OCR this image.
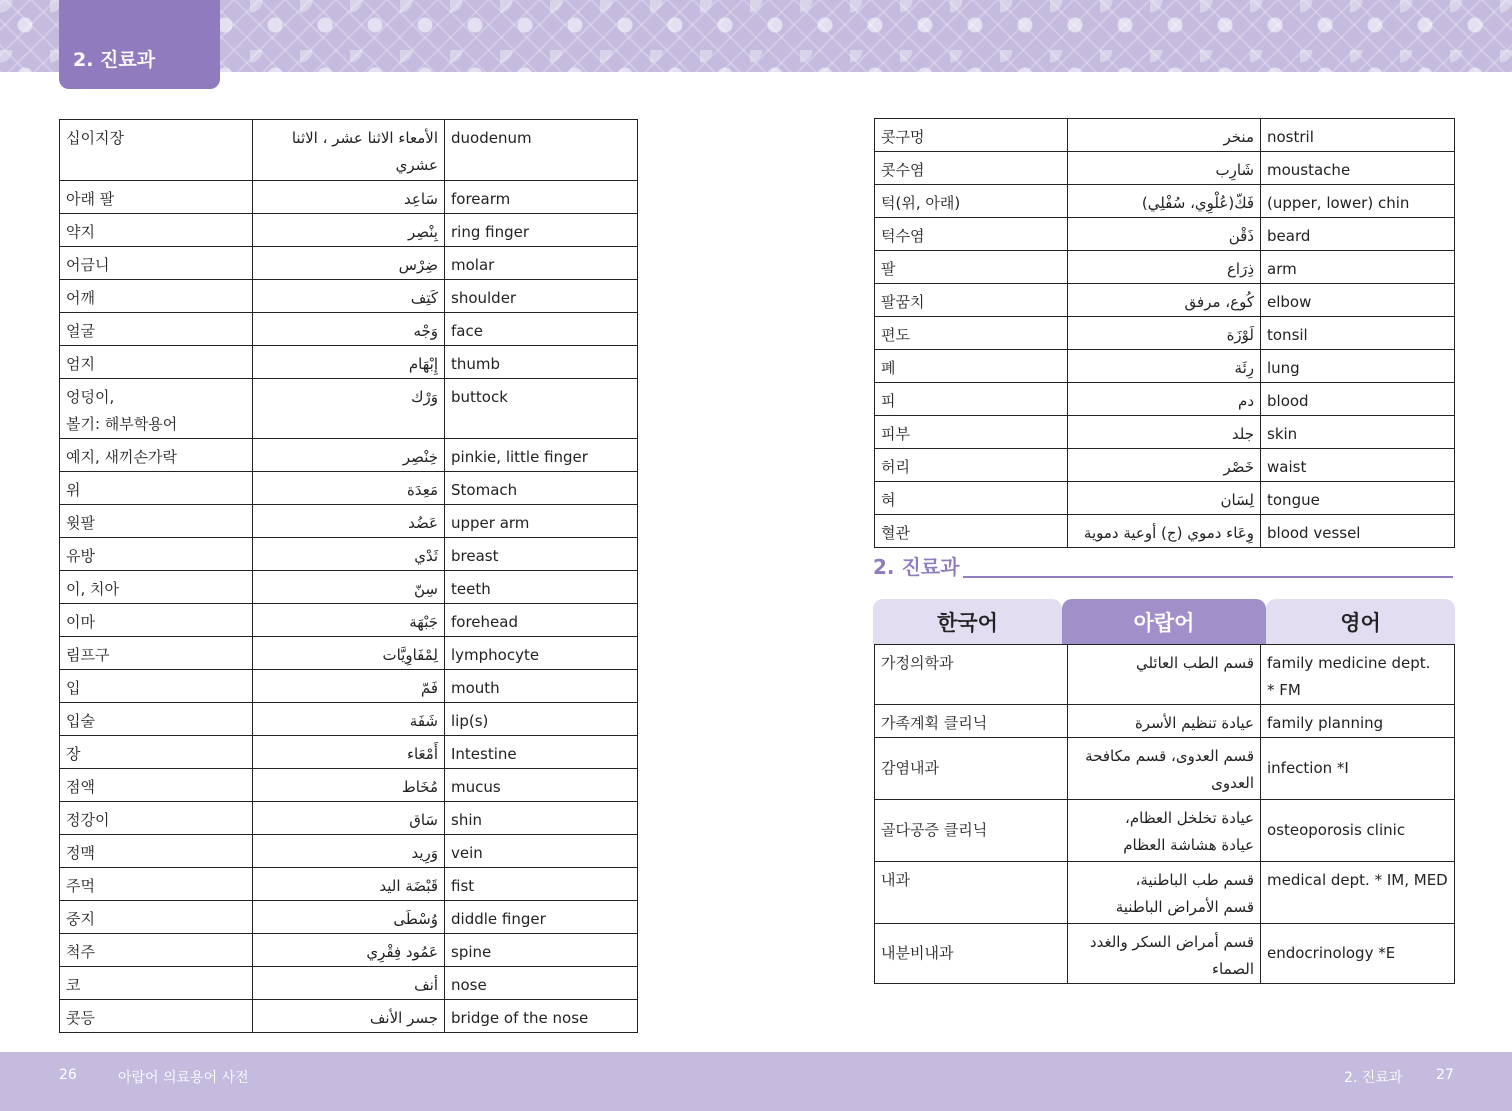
2. 진료과
십이지장	الأمعاء الاثنا عشر ، الاثنا عشري	duodenum
아래 팔	سَاعِد	forearm
약지	بِنْصِر	ring finger
어금니	ضِرْس	molar
어깨	كَتِف	shoulder
얼굴	وَجْه	face
엄지	إِبْهَام	thumb
엉덩이,
볼기: 해부학용어	وَرْك	buttock
예지, 새끼손가락	خِنْصِر	pinkie, little finger
위	مَعِدَة	Stomach
윗팔	عَضُد	upper arm
유방	ثَدْي	breast
이, 치아	سِنّ	teeth
이마	جَبْهَة	forehead
림프구	لِمْفَاوِيَّات	lymphocyte
입	فَمّ	mouth
입술	شَفَة	lip(s)
장	أَمْعَاء	Intestine
점액	مُخَاط	mucus
정강이	سَاق	shin
정맥	وَرِيد	vein
주먹	قَبْضَة اليد	fist
중지	وُسْطَى	diddle finger
척주	عَمُود فِقْرِي	spine
코	أنف	nose
콧등	جسر الأنف	bridge of the nose
콧구멍	منخر	nostril
콧수염	شَارِب	moustache
턱(위, 아래)	فَكّ(عُلْوِي، سُفْلِي)	(upper, lower) chin
턱수염	ذَقْن	beard
팔	ذِرَاع	arm
팔꿈치	كُوع، مرفق	elbow
편도	لَوْزَة	tonsil
폐	رِئَة	lung
피	دم	blood
피부	جلد	skin
허리	خَصْر	waist
혀	لِسَان	tongue
혈관	وِعَاء دموي (ج) أوعية دموية	blood vessel
2. 진료과
한국어	아랍어	영어
가정의학과	قسم الطب العائلي	family medicine dept.
* FM
가족계획 클리닉	عيادة تنظيم الأسرة	family planning
감염내과	قسم العدوى، قسم مكافحة العدوى	infection *I
골다공증 클리닉	عيادة تخلخل العظام،
عيادة هشاشة العظام	osteoporosis clinic
내과	قسم طب الباطنية،
قسم الأمراض الباطنية	medical dept. * IM, MED
내분비내과	قسم أمراض السكر والغدد الصماء	endocrinology *E
26	아랍어 의료용어 사전	2. 진료과 27
